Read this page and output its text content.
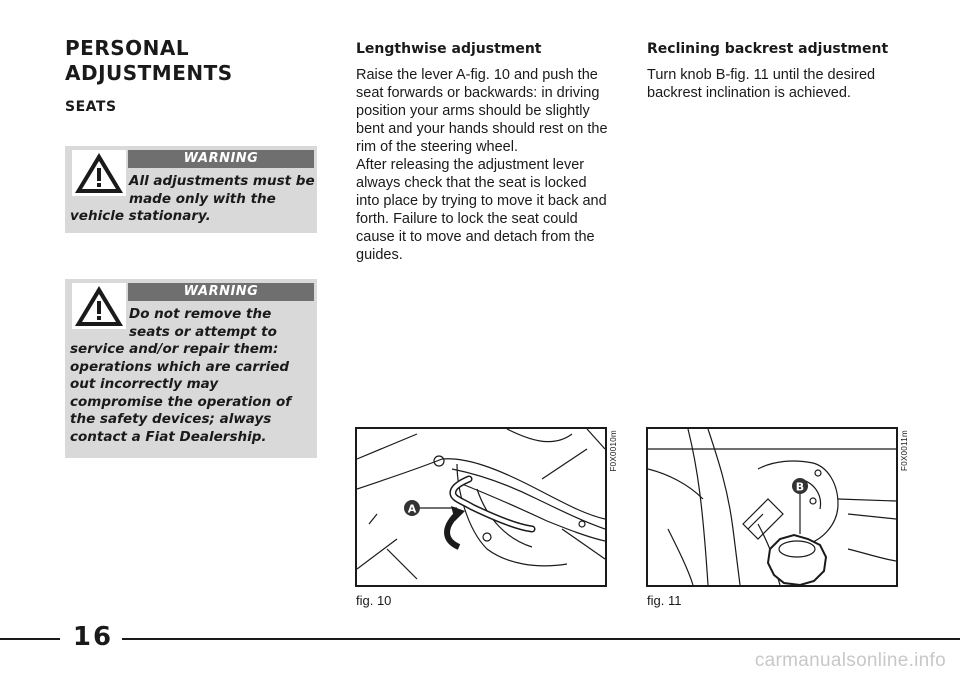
PERSONAL ADJUSTMENTS
SEATS
WARNING
All adjustments must be made only with the
vehicle stationary.
WARNING
Do not remove the seats or attempt to
service and/or repair them: operations which are carried out incorrectly may compromise the operation of the safety devices; always contact a Fiat Dealership.
Lengthwise adjustment

Raise the lever A-fig. 10 and push the seat forwards or backwards: in driving position your arms should be slightly bent and your hands should rest on the rim of the steering wheel.

After releasing the adjustment lever always check that the seat is locked into place by trying to move it back and forth. Failure to lock the seat could cause it to move and detach from the guides.

A
F0X0010m
fig. 10
Reclining backrest adjustment

Turn knob B-fig. 11 until the desired backrest inclination is achieved.

B
F0X0011m
fig. 11
16
carmanualsonline.info
